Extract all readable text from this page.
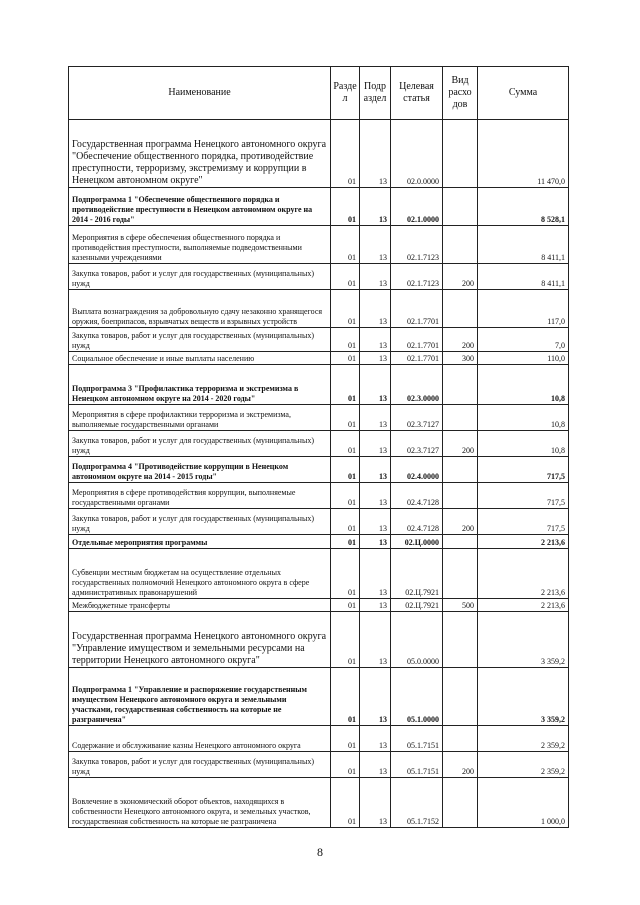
Наименование	Разде л	Подр аздел	Целевая статья	Вид расхо дов	Сумма
Государственная программа Ненецкого автономного округа "Обеспечение общественного порядка, противодействие преступности, терроризму, экстремизму и коррупции в Ненецком автономном округе"	01	13	02.0.0000		11 470,0
Подпрограмма 1 "Обеспечение общественного порядка и противодействие преступности в Ненецком автономном округе на 2014 - 2016 годы"	01	13	02.1.0000		8 528,1
Мероприятия в сфере обеспечения общественного порядка и противодействия преступности, выполняемые подведомственными казенными учреждениями	01	13	02.1.7123		8 411,1
Закупка товаров, работ и услуг для государственных (муниципальных) нужд	01	13	02.1.7123	200	8 411,1
Выплата вознаграждения за добровольную сдачу незаконно хранящегося оружия, боеприпасов, взрывчатых веществ и взрывных устройств	01	13	02.1.7701		117,0
Закупка товаров, работ и услуг для государственных (муниципальных) нужд	01	13	02.1.7701	200	7,0
Социальное обеспечение и иные выплаты населению	01	13	02.1.7701	300	110,0
Подпрограмма 3 "Профилактика терроризма и экстремизма в Ненецком автономном округе на 2014 - 2020 годы"	01	13	02.3.0000		10,8
Мероприятия в сфере профилактики терроризма и экстремизма, выполняемые государственными органами	01	13	02.3.7127		10,8
Закупка товаров, работ и услуг для государственных (муниципальных) нужд	01	13	02.3.7127	200	10,8
Подпрограмма 4 "Противодействие коррупции в Ненецком автономном округе на 2014 - 2015 годы"	01	13	02.4.0000		717,5
Мероприятия в сфере противодействия коррупции, выполняемые государственными органами	01	13	02.4.7128		717,5
Закупка товаров, работ и услуг для государственных (муниципальных) нужд	01	13	02.4.7128	200	717,5
Отдельные мероприятия программы	01	13	02.Ц.0000		2 213,6
Субвенции местным бюджетам на осуществление отдельных государственных полномочий Ненецкого автономного округа в сфере административных правонарушений	01	13	02.Ц.7921		2 213,6
Межбюджетные трансферты	01	13	02.Ц.7921	500	2 213,6
Государственная программа Ненецкого автономного округа "Управление имуществом и земельными ресурсами на территории Ненецкого автономного округа"	01	13	05.0.0000		3 359,2
Подпрограмма 1 "Управление и распоряжение государственным имуществом Ненецкого автономного округа и земельными участками, государственная собственность на которые не разграничена"	01	13	05.1.0000		3 359,2
Содержание и обслуживание казны Ненецкого автономного округа	01	13	05.1.7151		2 359,2
Закупка товаров, работ и услуг для государственных (муниципальных) нужд	01	13	05.1.7151	200	2 359,2
Вовлечение в экономический оборот объектов, находящихся в собственности Ненецкого автономного округа, и земельных участков, государственная собственность на которые не разграничена	01	13	05.1.7152		1 000,0
8
